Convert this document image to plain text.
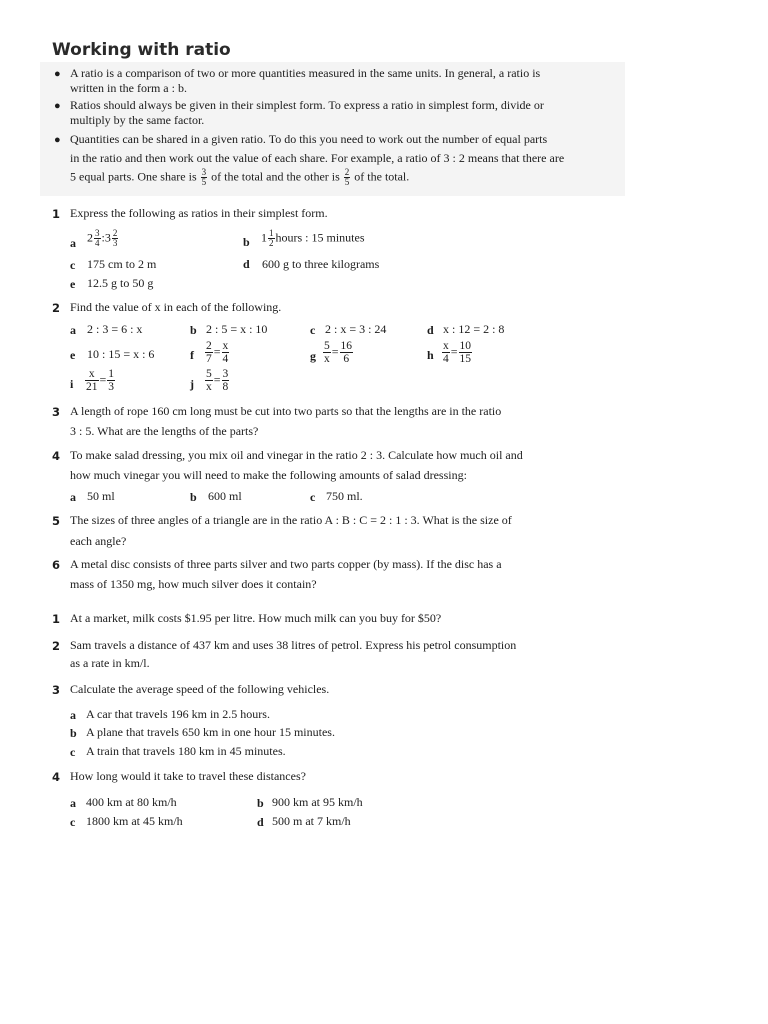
Working with ratio
● A ratio is a comparison of two or more quantities measured in the same units. In general, a ratio is
written in the form a : b.
● Ratios should always be given in their simplest form. To express a ratio in simplest form, divide or
multiply by the same factor.
● Quantities can be shared in a given ratio. To do this you need to work out the number of equal parts
in the ratio and then work out the value of each share. For example, a ratio of 3 : 2 means that there are
5 equal parts. One share is $\frac{3}{5}$ of the total and the other is $\frac{2}{5}$ of the total.
1 Express the following as ratios in their simplest form.
a $2 \frac{3}{4}$ :3 $\frac{2}{3}$	b $1 \frac{1}{2}$ hours : 15 minutes
c 175 cm to 2 m	d 600 g to three kilograms
e 12.5 g to 50 g
2 Find the value of x in each of the following.
a 2 : 3 = 6 : x	b 2 : 5 = x : 10	c 2 : x = 3 : 24	d x : 12 = 2 : 8
e 10 : 15 = x : 6	f $\frac{2}{7} = \frac{x}{4}$	g $\frac{5}{x} = \frac{16}{6}$	h $\frac{x}{4} = \frac{10}{15}$
i $\frac{x}{21} = \frac{1}{3}$	j $\frac{5}{x} = \frac{3}{8}$
3 A length of rope 160 cm long must be cut into two parts so that the lengths are in the ratio
3 : 5. What are the lengths of the parts?
4 To make salad dressing, you mix oil and vinegar in the ratio 2 : 3. Calculate how much oil and
how much vinegar you will need to make the following amounts of salad dressing:
a 50 ml	b 600 ml	c 750 ml.
5 The sizes of three angles of a triangle are in the ratio A : B : C = 2 : 1 : 3. What is the size of
each angle?
6 A metal disc consists of three parts silver and two parts copper (by mass). If the disc has a
mass of 1350 mg, how much silver does it contain?
1 At a market, milk costs $1.95 per litre. How much milk can you buy for $50?
2 Sam travels a distance of 437 km and uses 38 litres of petrol. Express his petrol consumption
as a rate in km/l.
3 Calculate the average speed of the following vehicles.
a A car that travels 196 km in 2.5 hours.
b A plane that travels 650 km in one hour 15 minutes.
c A train that travels 180 km in 45 minutes.
4 How long would it take to travel these distances?
a 400 km at 80 km/h	b 900 km at 95 km/h
c 1800 km at 45 km/h	d 500 m at 7 km/h
